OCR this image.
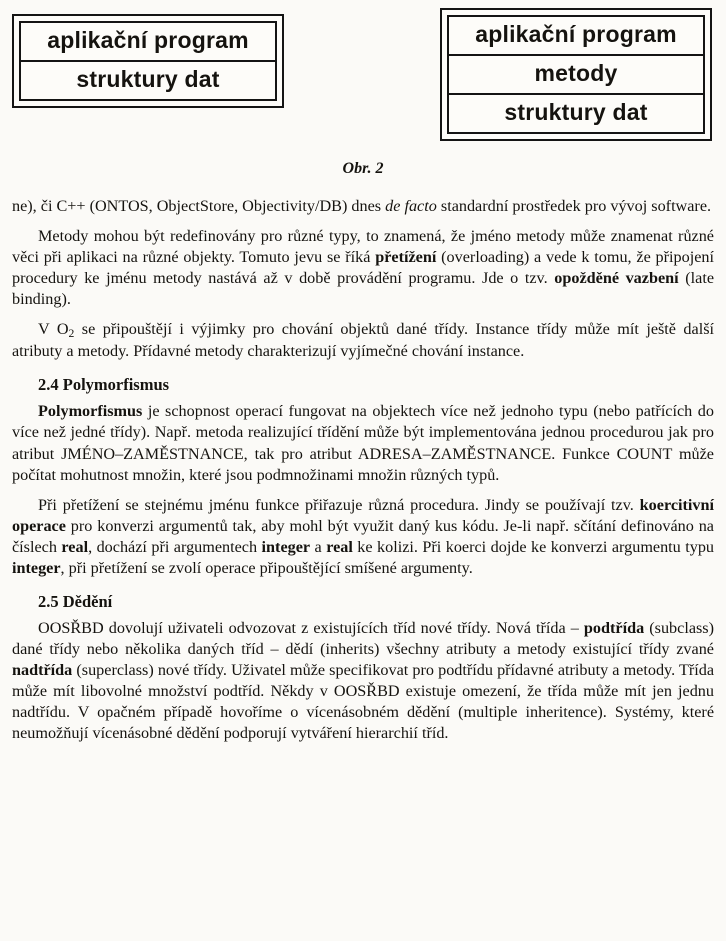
aplikační program
struktury dat
aplikační program
metody
struktury dat
Obr. 2

ne), či C++ (ONTOS, ObjectStore, Objectivity/DB) dnes de facto standardní prostředek pro vývoj software.

Metody mohou být redefinovány pro různé typy, to znamená, že jméno metody může znamenat různé věci při aplikaci na různé objekty. Tomuto jevu se říká přetížení (overloading) a vede k tomu, že připojení procedury ke jménu metody nastává až v době provádění programu. Jde o tzv. opožděné vazbení (late binding).

V $O_2$ se připouštějí i výjimky pro chování objektů dané třídy. Instance třídy může mít ještě další atributy a metody. Přídavné metody charakterizují vyjímečné chování instance.

2.4 Polymorfismus

Polymorfismus je schopnost operací fungovat na objektech více než jednoho typu (nebo patřících do více než jedné třídy). Např. metoda realizující třídění může být implementována jednou procedurou jak pro atribut JMÉNO–ZAMĚSTNANCE, tak pro atribut ADRESA–ZAMĚSTNANCE. Funkce COUNT může počítat mohutnost množin, které jsou podmnožinami množin různých typů.

Při přetížení se stejnému jménu funkce přiřazuje různá procedura. Jindy se používají tzv. koercitivní operace pro konverzi argumentů tak, aby mohl být využit daný kus kódu. Je-li např. sčítání definováno na číslech real, dochází při argumentech integer a real ke kolizi. Při koerci dojde ke konverzi argumentu typu integer, při přetížení se zvolí operace připouštějící smíšené argumenty.

2.5 Dědění

OOSŘBD dovolují uživateli odvozovat z existujících tříd nové třídy. Nová třída – podtřída (subclass) dané třídy nebo několika daných tříd – dědí (inherits) všechny atributy a metody existující třídy zvané nadtřída (superclass) nové třídy. Uživatel může specifikovat pro podtřídu přídavné atributy a metody. Třída může mít libovolné množství podtříd. Někdy v OOSŘBD existuje omezení, že třída může mít jen jednu nadtřídu. V opačném případě hovoříme o vícenásobném dědění (multiple inheritence). Systémy, které neumožňují vícenásobné dědění podporují vytváření hierarchií tříd.
